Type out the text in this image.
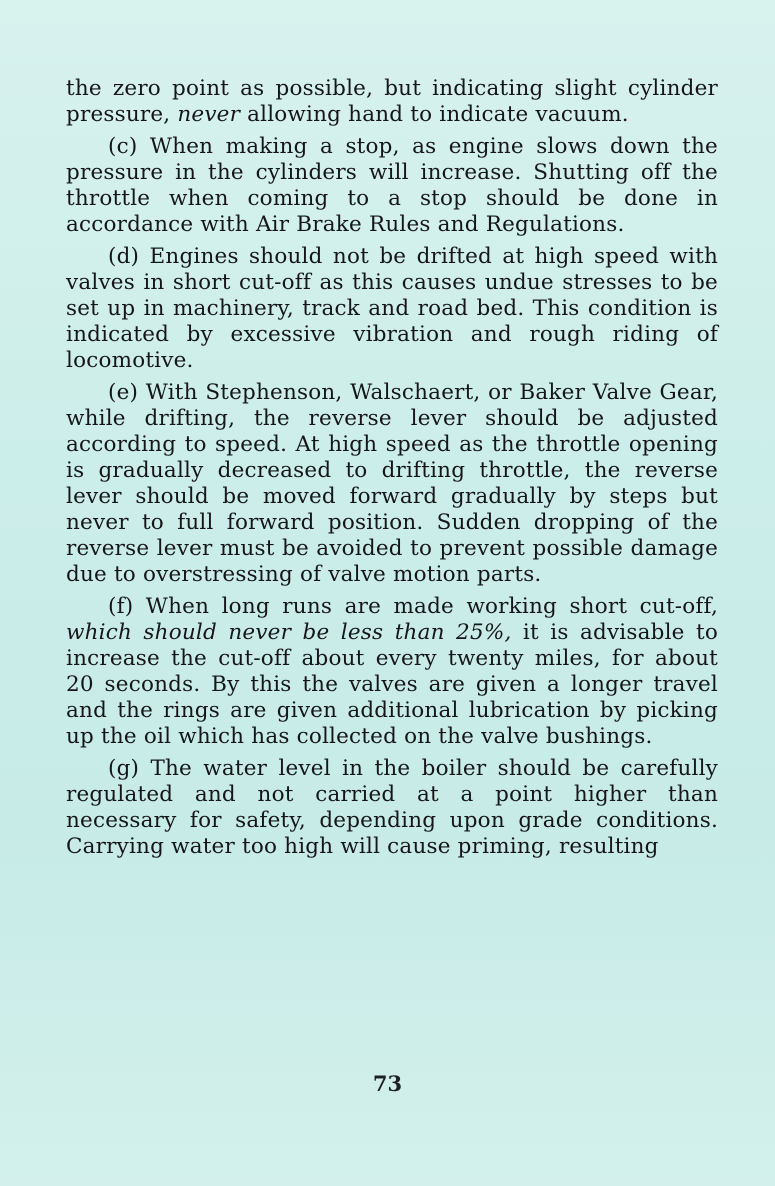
the zero point as possible, but indicating slight cylinder pressure, never allowing hand to indicate vacuum.

(c) When making a stop, as engine slows down the pressure in the cylinders will increase. Shutting off the throttle when coming to a stop should be done in accordance with Air Brake Rules and Regulations.

(d) Engines should not be drifted at high speed with valves in short cut-off as this causes undue stresses to be set up in machinery, track and road bed. This condition is indicated by excessive vibration and rough riding of locomotive.

(e) With Stephenson, Walschaert, or Baker Valve Gear, while drifting, the reverse lever should be adjusted according to speed. At high speed as the throttle opening is gradually decreased to drifting throttle, the reverse lever should be moved forward gradually by steps but never to full forward position. Sudden dropping of the reverse lever must be avoided to prevent possible damage due to overstressing of valve motion parts.

(f) When long runs are made working short cut-off, which should never be less than 25%, it is advisable to increase the cut-off about every twenty miles, for about 20 seconds. By this the valves are given a longer travel and the rings are given additional lubrication by picking up the oil which has collected on the valve bushings.

(g) The water level in the boiler should be carefully regulated and not carried at a point higher than necessary for safety, depending upon grade conditions. Carrying water too high will cause priming, resulting

73
